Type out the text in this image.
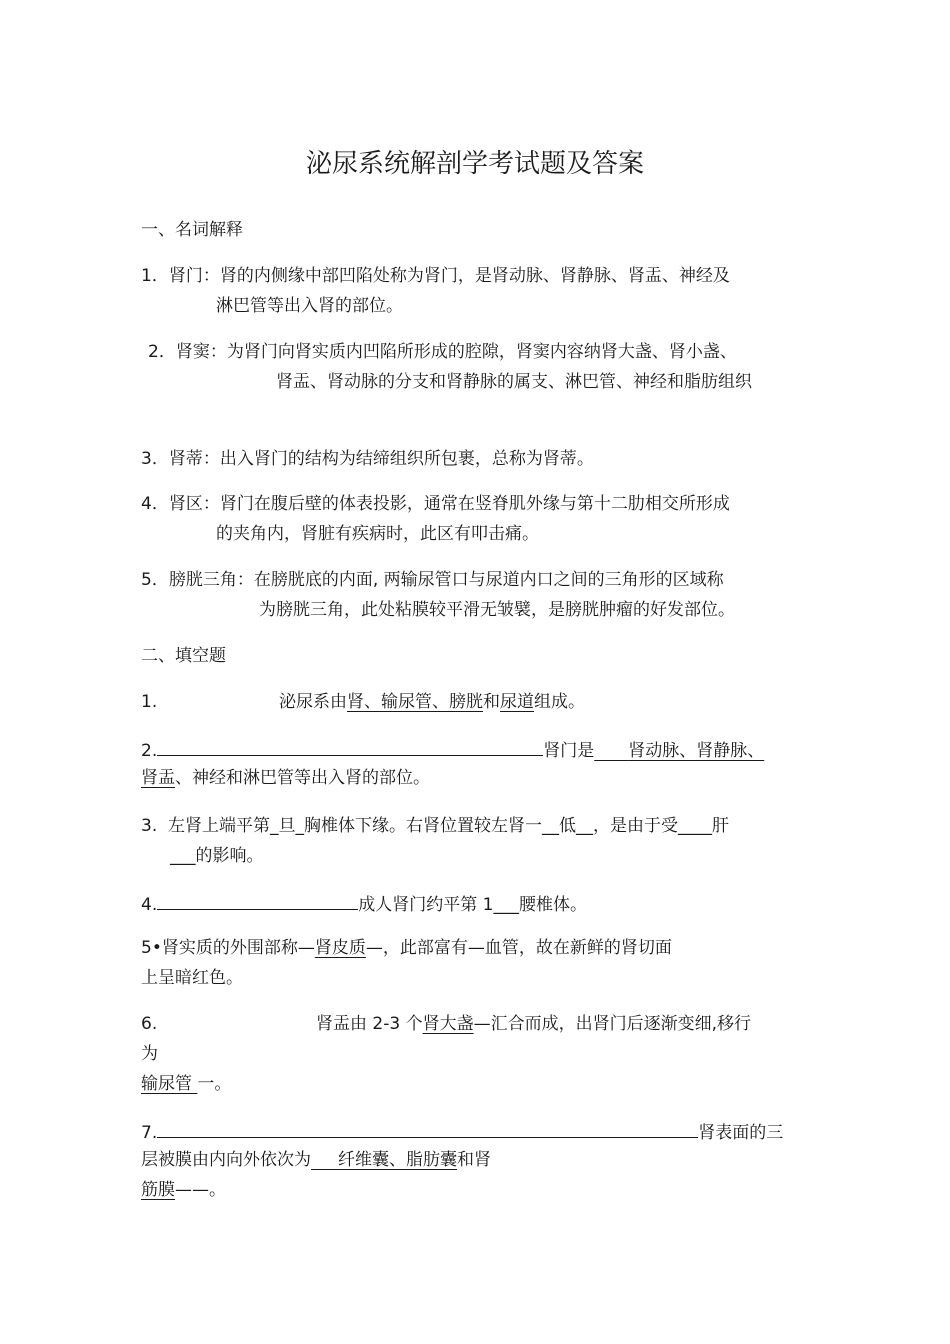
泌尿系统解剖学考试题及答案
一、名词解释
1．肾门：肾的内侧缘中部凹陷处称为肾门，是肾动脉、肾静脉、肾盂、神经及
淋巴管等出入肾的部位。
2．肾窦：为肾门向肾实质内凹陷所形成的腔隙，肾窦内容纳肾大盏、肾小盏、
肾盂、肾动脉的分支和肾静脉的属支、淋巴管、神经和脂肪组织
3．肾蒂：出入肾门的结构为结缔组织所包裹，总称为肾蒂。
4．肾区：肾门在腹后壁的体表投影，通常在竖脊肌外缘与第十二肋相交所形成
的夹角内，肾脏有疾病时，此区有叩击痛。
5．膀胱三角：在膀胱底的内面, 两输尿管口与尿道内口之间的三角形的区域称
为膀胱三角，此处粘膜较平滑无皱襞，是膀胱肿瘤的好发部位。
二、填空题
1.	泌尿系由肾、输尿管、膀胱和尿道组成。
2.	肾门是   肾动脉、肾静脉、
肾盂、神经和淋巴管等出入肾的部位。
3. 左肾上端平第_旦_胸椎体下缘。右肾位置较左肾一__低__，是由于受____肝
___的影响。
4.	成人肾门约平第 1___腰椎体。
5•肾实质的外围部称—肾皮质—，此部富有—血管，故在新鲜的肾切面
上呈暗红色。
6.	肾盂由 2-3 个肾大盏—汇合而成，出肾门后逐渐变细,移行
为
输尿管 一。
7.	肾表面的三
层被膜由内向外依次为 纤维囊、脂肪囊和肾
筋膜——。
